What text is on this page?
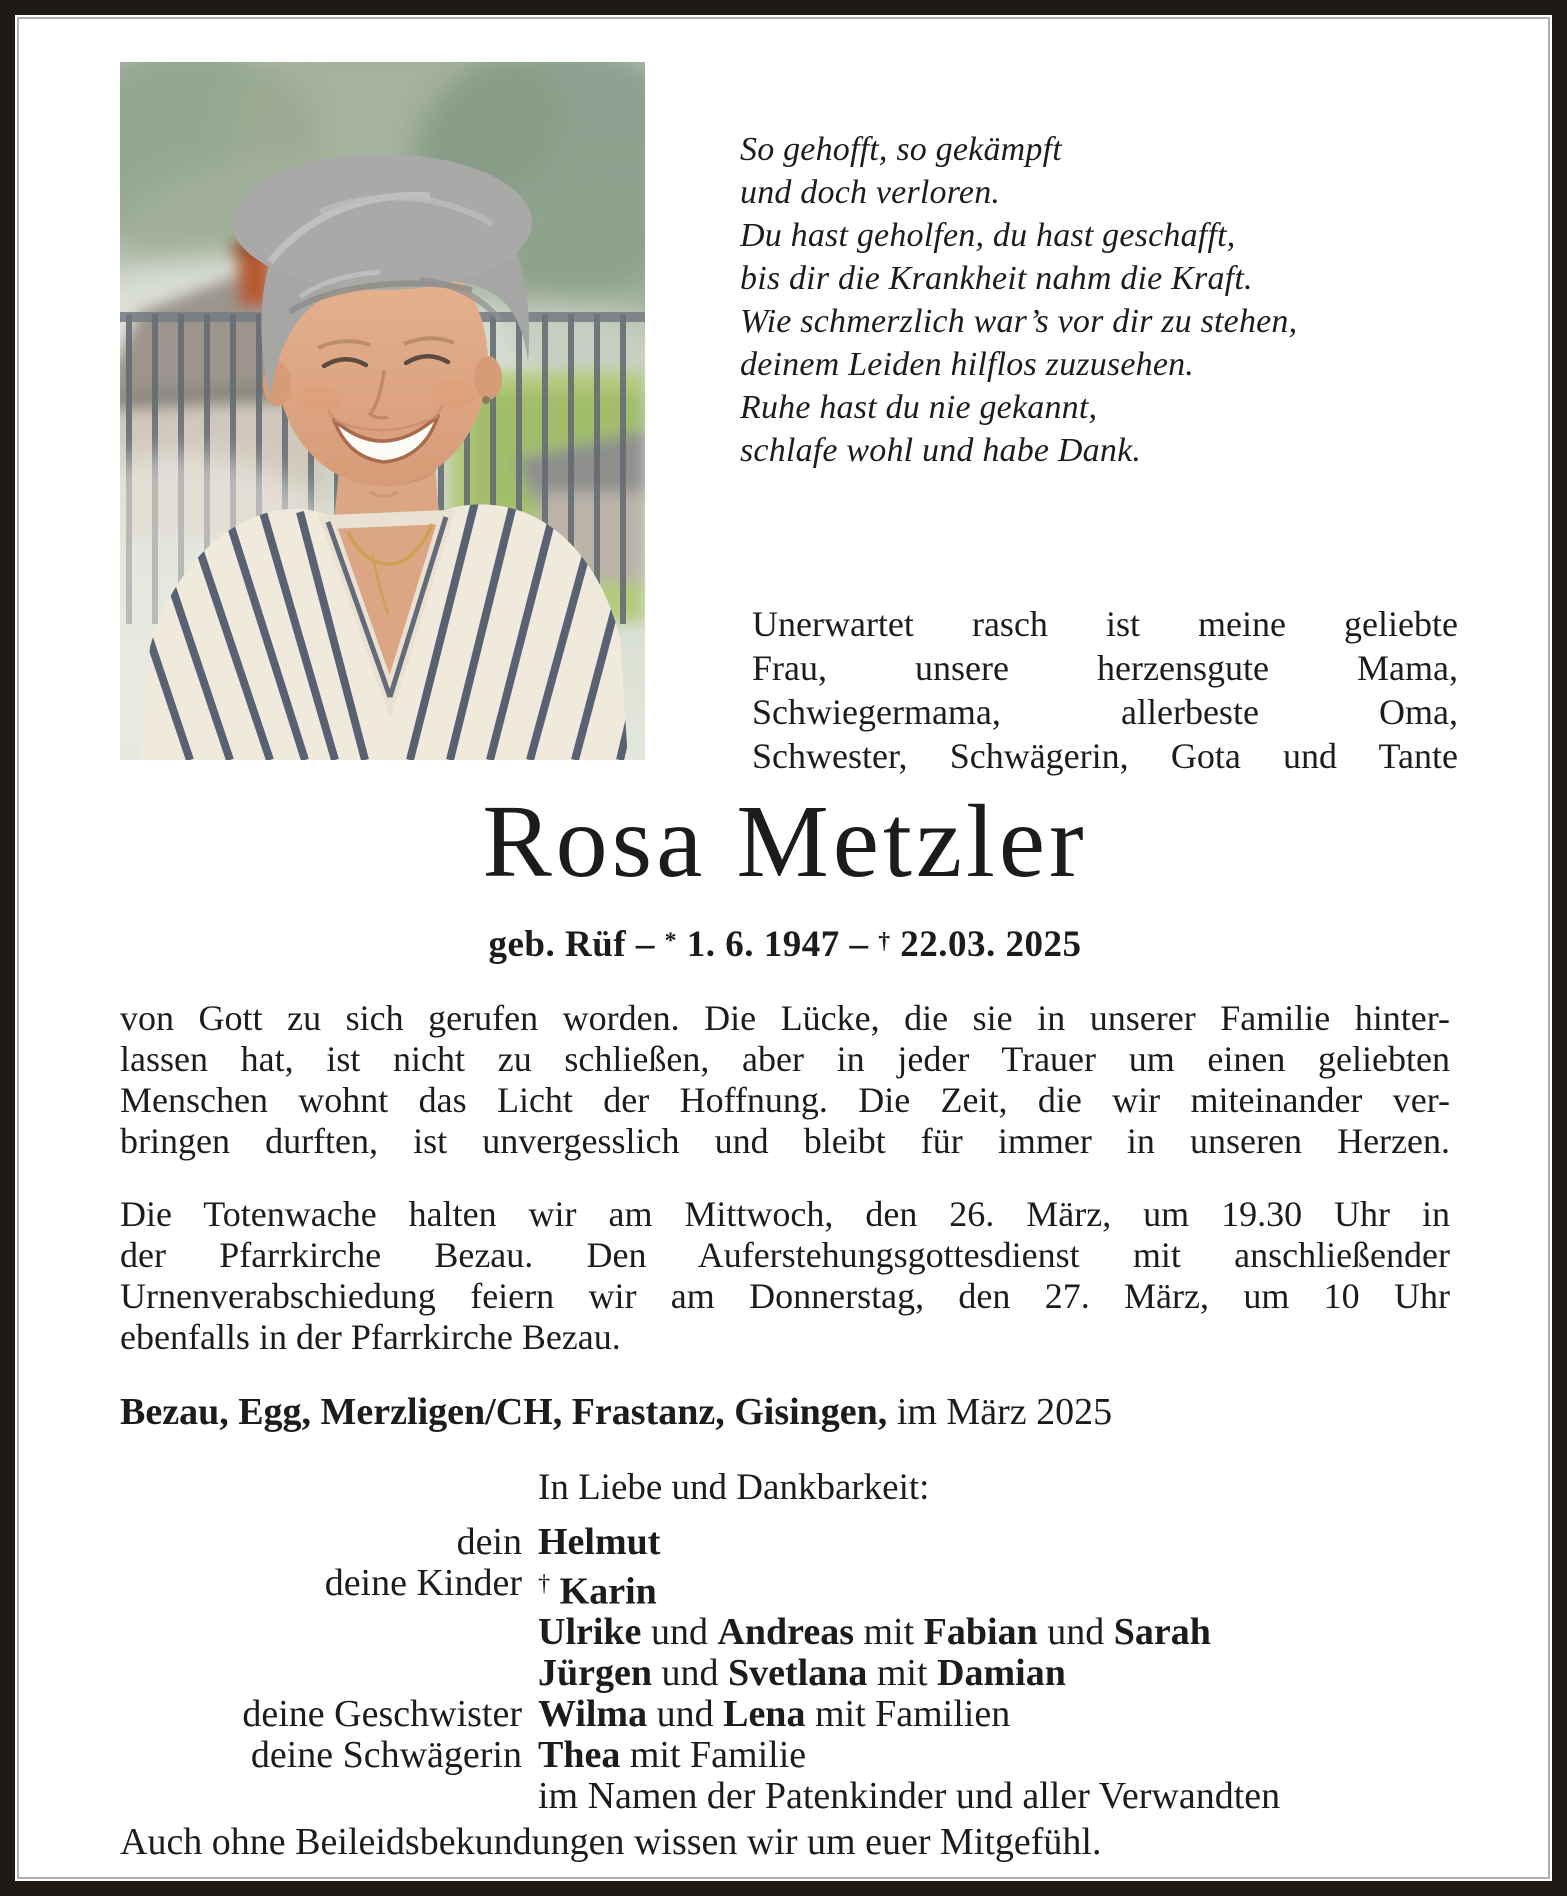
So gehofft, so gekämpft
und doch verloren.
Du hast geholfen, du hast geschafft,
bis dir die Krankheit nahm die Kraft.
Wie schmerzlich war’s vor dir zu stehen,
deinem Leiden hilflos zuzusehen.
Ruhe hast du nie gekannt,
schlafe wohl und habe Dank.
Unerwartet rasch ist meine geliebte
Frau, unsere herzensgute Mama,
Schwiegermama, allerbeste Oma,
Schwester, Schwägerin, Gota und Tante
Rosa Metzler
geb. Rüf – * 1. 6. 1947 – † 22.03. 2025
von Gott zu sich gerufen worden. Die Lücke, die sie in unserer Familie hinter-
lassen hat, ist nicht zu schließen, aber in jeder Trauer um einen geliebten
Menschen wohnt das Licht der Hoffnung. Die Zeit, die wir miteinander ver-
bringen durften, ist unvergesslich und bleibt für immer in unseren Herzen.
Die Totenwache halten wir am Mittwoch, den 26. März, um 19.30 Uhr in
der Pfarrkirche Bezau. Den Auferstehungsgottesdienst mit anschließender
Urnenverabschiedung feiern wir am Donnerstag, den 27. März, um 10 Uhr
ebenfalls in der Pfarrkirche Bezau.
Bezau, Egg, Merzligen/CH, Frastanz, Gisingen, im März 2025
In Liebe und Dankbarkeit:
dein Helmut
deine Kinder † Karin
Ulrike und Andreas mit Fabian und Sarah
Jürgen und Svetlana mit Damian
deine Geschwister Wilma und Lena mit Familien
deine Schwägerin Thea mit Familie
im Namen der Patenkinder und aller Verwandten
Auch ohne Beileidsbekundungen wissen wir um euer Mitgefühl.
